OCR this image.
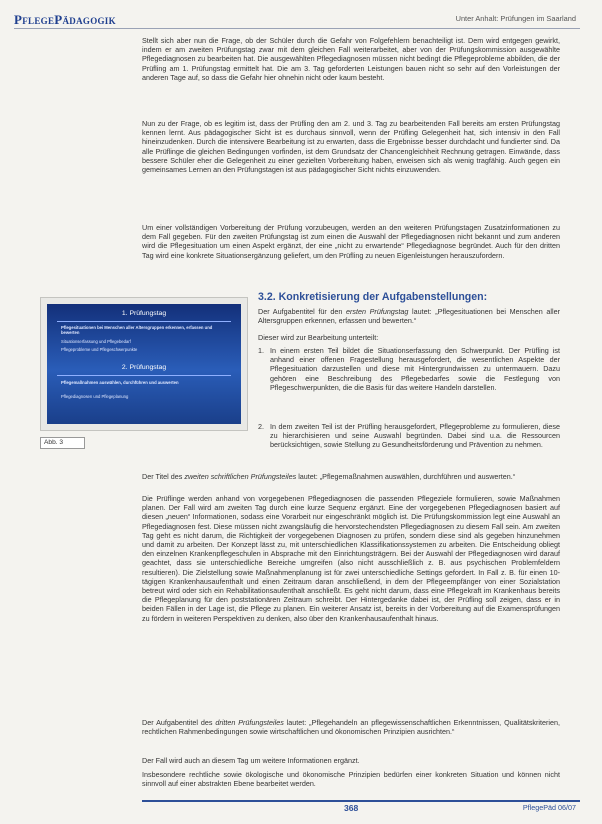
PflegePädagogik	Unter Anhalt: Prüfungen im Saarland

Stellt sich aber nun die Frage, ob der Schüler durch die Gefahr von Folgefehlern benachteiligt ist. Dem wird entgegen gewirkt, indem er am zweiten Prüfungstag zwar mit dem gleichen Fall weiterarbeitet, aber von der Prüfungskommission ausgewählte Pflegediagnosen zu bearbeiten hat. Die ausgewählten Pflegediagnosen müssen nicht bedingt die Pflegeprobleme abbilden, die der Prüfling am 1. Prüfungstag ermittelt hat. Die am 3. Tag geforderten Leistungen bauen nicht so sehr auf den Vorleistungen der anderen Tage auf, so dass die Gefahr hier ohnehin nicht oder kaum besteht.

Nun zu der Frage, ob es legitim ist, dass der Prüfling den am 2. und 3. Tag zu bearbeitenden Fall bereits am ersten Prüfungstag kennen lernt. Aus pädagogischer Sicht ist es durchaus sinnvoll, wenn der Prüfling Gelegenheit hat, sich intensiv in den Fall hineinzudenken. Durch die intensivere Bearbeitung ist zu erwarten, dass die Ergebnisse besser durchdacht und fundierter sind. Da alle Prüflinge die gleichen Bedingungen vorfinden, ist dem Grundsatz der Chancengleichheit Rechnung getragen. Einwände, dass bessere Schüler eher die Gelegenheit zu einer gezielten Vorbereitung haben, erweisen sich als wenig tragfähig. Auch gegen ein gemeinsames Lernen an den Prüfungstagen ist aus pädagogischer Sicht nichts einzuwenden.

Um einer vollständigen Vorbereitung der Prüfung vorzubeugen, werden an den weiteren Prüfungstagen Zusatzinformationen zu dem Fall gegeben. Für den zweiten Prüfungstag ist zum einen die Auswahl der Pflegediagnosen nicht bekannt und zum anderen wird die Pflegesituation um einen Aspekt ergänzt, der eine „nicht zu erwartende“ Pflegediagnose begründet. Auch für den dritten Tag wird eine konkrete Situationsergänzung geliefert, um den Prüfling zu neuen Eigenleistungen herauszufordern.

3.2. Konkretisierung der Aufgabenstellungen:

Der Aufgabentitel für den ersten Prüfungstag lautet: „Pflegesituationen bei Menschen aller Altersgruppen erkennen, erfassen und bewerten.“

Dieser wird zur Bearbeitung unterteilt:

1. In einem ersten Teil bildet die Situationserfassung den Schwerpunkt. Der Prüfling ist anhand einer offenen Fragestellung herausgefordert, die wesentlichen Aspekte der Pflegesituation darzustellen und diese mit Hintergrundwissen zu untermauern. Dazu gehören eine Beschreibung des Pflegebedarfes sowie die Festlegung von Pflegeschwerpunkten, die die Basis für das weitere Handeln darstellen.
2. In dem zweiten Teil ist der Prüfling herausgefordert, Pflegeprobleme zu formulieren, diese zu hierarchisieren und seine Auswahl begründen. Dabei sind u.a. die Ressourcen berücksichtigen, sowie Stellung zu Gesundheitsförderung und Prävention zu nehmen.
1. Prüfungstag
Pflegesituationen bei Menschen aller Altersgruppen erkennen, erfassen und bewerten
Situationserfassung und Pflegebedarf
Pflegeprobleme und Pflegeschwerpunkte
2. Prüfungstag
Pflegemaßnahmen auswählen, durchführen und auswerten
Pflegediagnosen und Pflegeplanung
Abb. 3

Der Titel des zweiten schriftlichen Prüfungsteiles lautet: „Pflegemaßnahmen auswählen, durchführen und auswerten.“

Die Prüflinge werden anhand von vorgegebenen Pflegediagnosen die passenden Pflegeziele formulieren, sowie Maßnahmen planen. Der Fall wird am zweiten Tag durch eine kurze Sequenz ergänzt. Eine der vorgegebenen Pflegediagnosen basiert auf diesen „neuen“ Informationen, sodass eine Vorarbeit nur eingeschränkt möglich ist. Die Prüfungskommission legt eine Auswahl an Pflegediagnosen fest. Diese müssen nicht zwangsläufig die hervorstechendsten Pflegediagnosen zu diesem Fall sein. Am zweiten Tag geht es nicht darum, die Richtigkeit der vorgegebenen Diagnosen zu prüfen, sondern diese sind als gegeben hinzunehmen und damit zu arbeiten. Der Konzept lässt zu, mit unterschiedlichen Klassifikationssystemen zu arbeiten. Die Entscheidung obliegt den einzelnen Krankenpflegeschulen in Absprache mit den Einrichtungsträgern. Bei der Auswahl der Pflegediagnosen wird darauf geachtet, dass sie unterschiedliche Bereiche umgreifen (also nicht ausschließlich z. B. aus psychischen Problemfeldern resultieren). Die Zielstellung sowie Maßnahmenplanung ist für zwei unterschiedliche Settings gefordert. In Fall z. B. für einen 10-tägigen Krankenhausaufenthalt und einen Zeitraum daran anschließend, in dem der Pflegeempfänger von einer Sozialstation betreut wird oder sich ein Rehabilitationsaufenthalt anschließt. Es geht nicht darum, dass eine Pflegekraft im Krankenhaus bereits die Pflegeplanung für den poststationären Zeitraum schreibt. Der Hintergedanke dabei ist, der Prüfling soll zeigen, dass er in beiden Fällen in der Lage ist, die Pflege zu planen. Ein weiterer Ansatz ist, bereits in der Vorbereitung auf die Examensprüfungen zu fördern in weiteren Perspektiven zu denken, also über den Krankenhausaufenthalt hinaus.

Der Aufgabentitel des dritten Prüfungsteiles lautet: „Pflegehandeln an pflegewissenschaftlichen Erkenntnissen, Qualitätskriterien, rechtlichen Rahmenbedingungen sowie wirtschaftlichen und ökonomischen Prinzipien ausrichten.“

Der Fall wird auch an diesem Tag um weitere Informationen ergänzt.

Insbesondere rechtliche sowie ökologische und ökonomische Prinzipien bedürfen einer konkreten Situation und können nicht sinnvoll auf einer abstrakten Ebene bearbeitet werden.

368	PflegePäd 06/07
